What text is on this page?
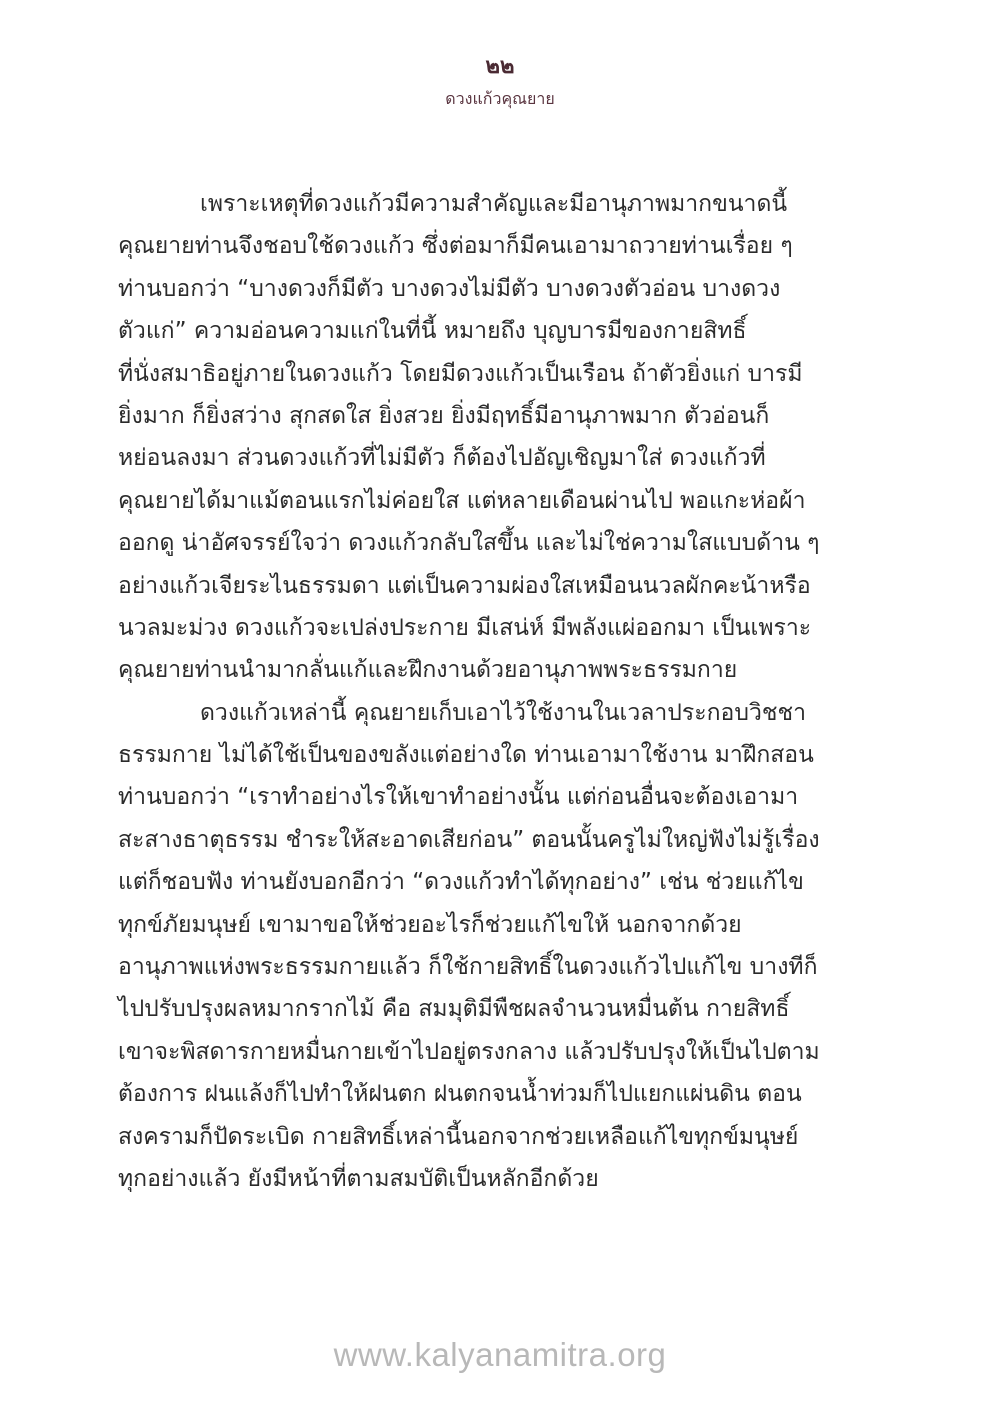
๒๒
ดวงแก้วคุณยาย
เพราะเหตุที่ดวงแก้วมีความสำคัญและมีอานุภาพมากขนาดนี้
คุณยายท่านจึงชอบใช้ดวงแก้ว ซึ่งต่อมาก็มีคนเอามาถวายท่านเรื่อย ๆ
ท่านบอกว่า “บางดวงก็มีตัว บางดวงไม่มีตัว บางดวงตัวอ่อน บางดวง
ตัวแก่” ความอ่อนความแก่ในที่นี้ หมายถึง บุญบารมีของกายสิทธิ์
ที่นั่งสมาธิอยู่ภายในดวงแก้ว โดยมีดวงแก้วเป็นเรือน ถ้าตัวยิ่งแก่ บารมี
ยิ่งมาก ก็ยิ่งสว่าง สุกสดใส ยิ่งสวย ยิ่งมีฤทธิ์มีอานุภาพมาก ตัวอ่อนก็
หย่อนลงมา ส่วนดวงแก้วที่ไม่มีตัว ก็ต้องไปอัญเชิญมาใส่ ดวงแก้วที่
คุณยายได้มาแม้ตอนแรกไม่ค่อยใส แต่หลายเดือนผ่านไป พอแกะห่อผ้า
ออกดู น่าอัศจรรย์ใจว่า ดวงแก้วกลับใสขึ้น และไม่ใช่ความใสแบบด้าน ๆ
อย่างแก้วเจียระไนธรรมดา แต่เป็นความผ่องใสเหมือนนวลผักคะน้าหรือ
นวลมะม่วง ดวงแก้วจะเปล่งประกาย มีเสน่ห์ มีพลังแผ่ออกมา เป็นเพราะ
คุณยายท่านนำมากลั่นแก้และฝึกงานด้วยอานุภาพพระธรรมกาย
ดวงแก้วเหล่านี้ คุณยายเก็บเอาไว้ใช้งานในเวลาประกอบวิชชา
ธรรมกาย ไม่ได้ใช้เป็นของขลังแต่อย่างใด ท่านเอามาใช้งาน มาฝึกสอน
ท่านบอกว่า “เราทำอย่างไรให้เขาทำอย่างนั้น แต่ก่อนอื่นจะต้องเอามา
สะสางธาตุธรรม ชำระให้สะอาดเสียก่อน” ตอนนั้นครูไม่ใหญ่ฟังไม่รู้เรื่อง
แต่ก็ชอบฟัง ท่านยังบอกอีกว่า “ดวงแก้วทำได้ทุกอย่าง” เช่น ช่วยแก้ไข
ทุกข์ภัยมนุษย์ เขามาขอให้ช่วยอะไรก็ช่วยแก้ไขให้ นอกจากด้วย
อานุภาพแห่งพระธรรมกายแล้ว ก็ใช้กายสิทธิ์ในดวงแก้วไปแก้ไข บางทีก็
ไปปรับปรุงผลหมากรากไม้ คือ สมมุติมีพืชผลจำนวนหมื่นต้น กายสิทธิ์
เขาจะพิสดารกายหมื่นกายเข้าไปอยู่ตรงกลาง แล้วปรับปรุงให้เป็นไปตาม
ต้องการ ฝนแล้งก็ไปทำให้ฝนตก ฝนตกจนน้ำท่วมก็ไปแยกแผ่นดิน ตอน
สงครามก็ปัดระเบิด กายสิทธิ์เหล่านี้นอกจากช่วยเหลือแก้ไขทุกข์มนุษย์
ทุกอย่างแล้ว ยังมีหน้าที่ตามสมบัติเป็นหลักอีกด้วย
www.kalyanamitra.org
